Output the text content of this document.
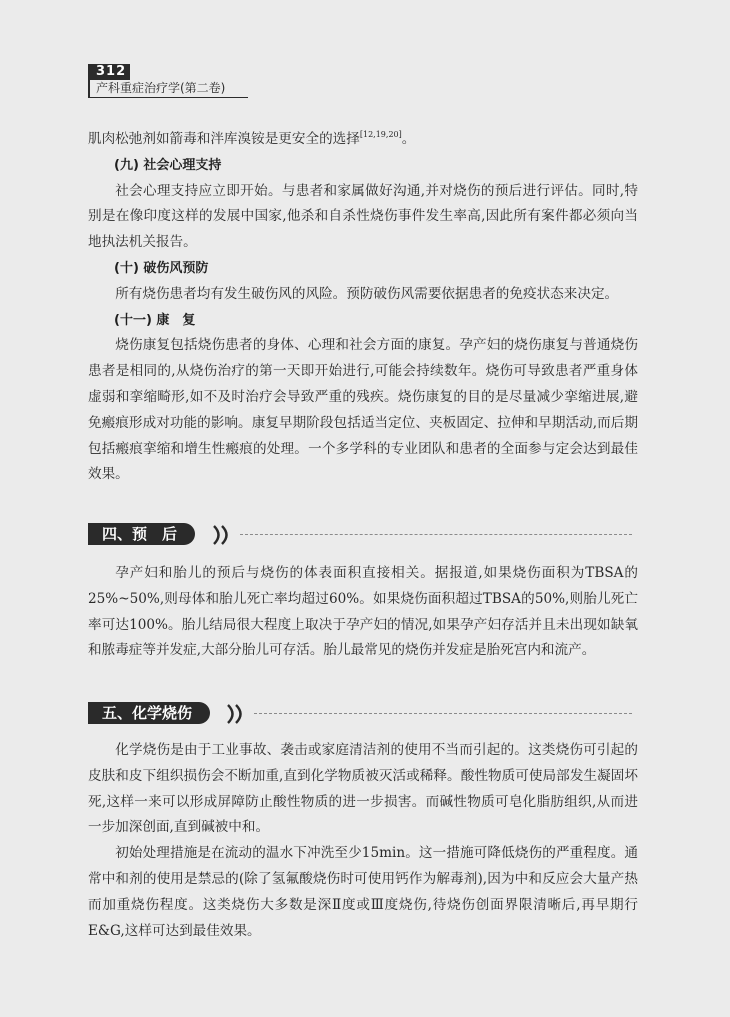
312
产科重症治疗学(第二卷)

肌肉松弛剂如箭毒和泮库溴铵是更安全的选择[12,19,20]。

(九) 社会心理支持

社会心理支持应立即开始。与患者和家属做好沟通,并对烧伤的预后进行评估。同时,特别是在像印度这样的发展中国家,他杀和自杀性烧伤事件发生率高,因此所有案件都必须向当地执法机关报告。

(十) 破伤风预防

所有烧伤患者均有发生破伤风的风险。预防破伤风需要依据患者的免疫状态来决定。

(十一) 康　复

烧伤康复包括烧伤患者的身体、心理和社会方面的康复。孕产妇的烧伤康复与普通烧伤患者是相同的,从烧伤治疗的第一天即开始进行,可能会持续数年。烧伤可导致患者严重身体虚弱和挛缩畸形,如不及时治疗会导致严重的残疾。烧伤康复的目的是尽量减少挛缩进展,避免瘢痕形成对功能的影响。康复早期阶段包括适当定位、夹板固定、拉伸和早期活动,而后期包括瘢痕挛缩和增生性瘢痕的处理。一个多学科的专业团队和患者的全面参与定会达到最佳效果。

四、预　后

孕产妇和胎儿的预后与烧伤的体表面积直接相关。据报道,如果烧伤面积为TBSA的25%~50%,则母体和胎儿死亡率均超过60%。如果烧伤面积超过TBSA的50%,则胎儿死亡率可达100%。胎儿结局很大程度上取决于孕产妇的情况,如果孕产妇存活并且未出现如缺氧和脓毒症等并发症,大部分胎儿可存活。胎儿最常见的烧伤并发症是胎死宫内和流产。

五、化学烧伤

化学烧伤是由于工业事故、袭击或家庭清洁剂的使用不当而引起的。这类烧伤可引起的皮肤和皮下组织损伤会不断加重,直到化学物质被灭活或稀释。酸性物质可使局部发生凝固坏死,这样一来可以形成屏障防止酸性物质的进一步损害。而碱性物质可皂化脂肪组织,从而进一步加深创面,直到碱被中和。

初始处理措施是在流动的温水下冲洗至少15min。这一措施可降低烧伤的严重程度。通常中和剂的使用是禁忌的(除了氢氟酸烧伤时可使用钙作为解毒剂),因为中和反应会大量产热而加重烧伤程度。这类烧伤大多数是深Ⅱ度或Ⅲ度烧伤,待烧伤创面界限清晰后,再早期行E&G,这样可达到最佳效果。
